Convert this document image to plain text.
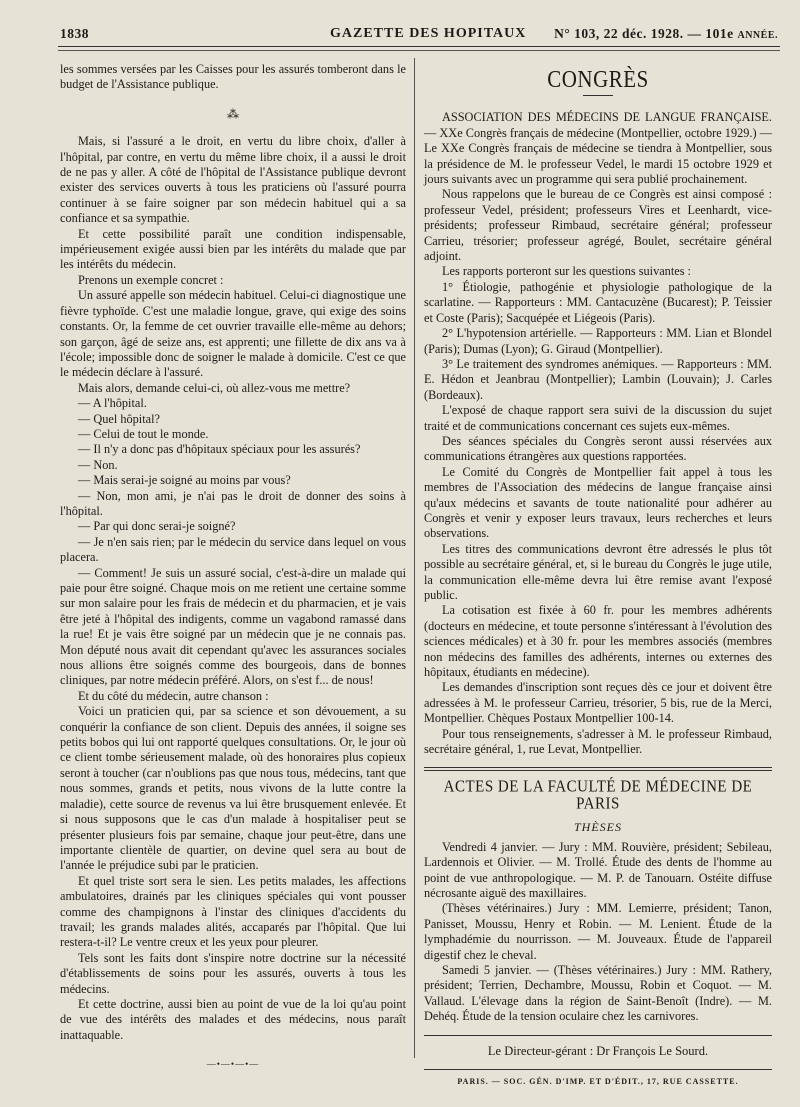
1838	GAZETTE DES HOPITAUX N° 103, 22 déc. 1928. — 101e ANNÉE.

les sommes versées par les Caisses pour les assurés tomberont dans le budget de l'Assistance publique.

⁂

Mais, si l'assuré a le droit, en vertu du libre choix, d'aller à l'hôpital, par contre, en vertu du même libre choix, il a aussi le droit de ne pas y aller. A côté de l'hôpital de l'Assistance publique devront exister des services ouverts à tous les praticiens où l'assuré pourra continuer à se faire soigner par son médecin habituel qui a sa confiance et sa sympathie.

Et cette possibilité paraît une condition indispensable, impérieusement exigée aussi bien par les intérêts du malade que par les intérêts du médecin.

Prenons un exemple concret :

Un assuré appelle son médecin habituel. Celui-ci diagnostique une fièvre typhoïde. C'est une maladie longue, grave, qui exige des soins constants. Or, la femme de cet ouvrier travaille elle-même au dehors; son garçon, âgé de seize ans, est apprenti; une fillette de dix ans va à l'école; impossible donc de soigner le malade à domicile. C'est ce que le médecin déclare à l'assuré.

Mais alors, demande celui-ci, où allez-vous me mettre?

— A l'hôpital.

— Quel hôpital?

— Celui de tout le monde.

— Il n'y a donc pas d'hôpitaux spéciaux pour les assurés?

— Non.

— Mais serai-je soigné au moins par vous?

— Non, mon ami, je n'ai pas le droit de donner des soins à l'hôpital.

— Par qui donc serai-je soigné?

— Je n'en sais rien; par le médecin du service dans lequel on vous placera.

— Comment! Je suis un assuré social, c'est-à-dire un malade qui paie pour être soigné. Chaque mois on me retient une certaine somme sur mon salaire pour les frais de médecin et du pharmacien, et je vais être jeté à l'hôpital des indigents, comme un vagabond ramassé dans la rue! Et je vais être soigné par un médecin que je ne connais pas. Mon député nous avait dit cependant qu'avec les assurances sociales nous allions être soignés comme des bourgeois, dans de bonnes cliniques, par notre médecin préféré. Alors, on s'est f... de nous!

Et du côté du médecin, autre chanson :

Voici un praticien qui, par sa science et son dévouement, a su conquérir la confiance de son client. Depuis des années, il soigne ses petits bobos qui lui ont rapporté quelques consultations. Or, le jour où ce client tombe sérieusement malade, où des honoraires plus copieux seront à toucher (car n'oublions pas que nous tous, médecins, tant que nous sommes, grands et petits, nous vivons de la lutte contre la maladie), cette source de revenus va lui être brusquement enlevée. Et si nous supposons que le cas d'un malade à hospitaliser peut se présenter plusieurs fois par semaine, chaque jour peut-être, dans une importante clientèle de quartier, on devine quel sera au bout de l'année le préjudice subi par le praticien.

Et quel triste sort sera le sien. Les petits malades, les affections ambulatoires, drainés par les cliniques spéciales qui vont pousser comme des champignons à l'instar des cliniques d'accidents du travail; les grands malades alités, accaparés par l'hôpital. Que lui restera-t-il? Le ventre creux et les yeux pour pleurer.

Tels sont les faits dont s'inspire notre doctrine sur la nécessité d'établissements de soins pour les assurés, ouverts à tous les médecins.

Et cette doctrine, aussi bien au point de vue de la loi qu'au point de vue des intérêts des malades et des médecins, nous paraît inattaquable.

—•—•—•—
CONGRÈS

ASSOCIATION DES MÉDECINS DE LANGUE FRANÇAISE. — XXe Congrès français de médecine (Montpellier, octobre 1929.) — Le XXe Congrès français de médecine se tiendra à Montpellier, sous la présidence de M. le professeur Vedel, le mardi 15 octobre 1929 et jours suivants avec un programme qui sera publié prochainement.

Nous rappelons que le bureau de ce Congrès est ainsi composé : professeur Vedel, président; professeurs Vires et Leenhardt, vice-présidents; professeur Rimbaud, secrétaire général; professeur Carrieu, trésorier; professeur agrégé, Boulet, secrétaire général adjoint.

Les rapports porteront sur les questions suivantes :

1° Étiologie, pathogénie et physiologie pathologique de la scarlatine. — Rapporteurs : MM. Cantacuzène (Bucarest); P. Teissier et Coste (Paris); Sacquépée et Liégeois (Paris).

2° L'hypotension artérielle. — Rapporteurs : MM. Lian et Blondel (Paris); Dumas (Lyon); G. Giraud (Montpellier).

3° Le traitement des syndromes anémiques. — Rapporteurs : MM. E. Hédon et Jeanbrau (Montpellier); Lambin (Louvain); J. Carles (Bordeaux).

L'exposé de chaque rapport sera suivi de la discussion du sujet traité et de communications concernant ces sujets eux-mêmes.

Des séances spéciales du Congrès seront aussi réservées aux communications étrangères aux questions rapportées.

Le Comité du Congrès de Montpellier fait appel à tous les membres de l'Association des médecins de langue française ainsi qu'aux médecins et savants de toute nationalité pour adhérer au Congrès et venir y exposer leurs travaux, leurs recherches et leurs observations.

Les titres des communications devront être adressés le plus tôt possible au secrétaire général, et, si le bureau du Congrès le juge utile, la communication elle-même devra lui être remise avant l'exposé public.

La cotisation est fixée à 60 fr. pour les membres adhérents (docteurs en médecine, et toute personne s'intéressant à l'évolution des sciences médicales) et à 30 fr. pour les membres associés (membres non médecins des familles des adhérents, internes ou externes des hôpitaux, étudiants en médecine).

Les demandes d'inscription sont reçues dès ce jour et doivent être adressées à M. le professeur Carrieu, trésorier, 5 bis, rue de la Merci, Montpellier. Chèques Postaux Montpellier 100-14.

Pour tous renseignements, s'adresser à M. le professeur Rimbaud, secrétaire général, 1, rue Levat, Montpellier.

ACTES DE LA FACULTÉ DE MÉDECINE DE PARIS
THÈSES

Vendredi 4 janvier. — Jury : MM. Rouvière, président; Sebileau, Lardennois et Olivier. — M. Trollé. Étude des dents de l'homme au point de vue anthropologique. — M. P. de Tanouarn. Ostéite diffuse nécrosante aiguë des maxillaires.

(Thèses vétérinaires.) Jury : MM. Lemierre, président; Tanon, Panisset, Moussu, Henry et Robin. — M. Lenient. Étude de la lymphadémie du nourrisson. — M. Jouveaux. Étude de l'appareil digestif chez le cheval.

Samedi 5 janvier. — (Thèses vétérinaires.) Jury : MM. Rathery, président; Terrien, Dechambre, Moussu, Robin et Coquot. — M. Vallaud. L'élevage dans la région de Saint-Benoît (Indre). — M. Dehéq. Étude de la tension oculaire chez les carnivores.

Le Directeur-gérant : Dr François Le Sourd.
PARIS. — SOC. GÉN. D'IMP. ET D'ÉDIT., 17, RUE CASSETTE.
